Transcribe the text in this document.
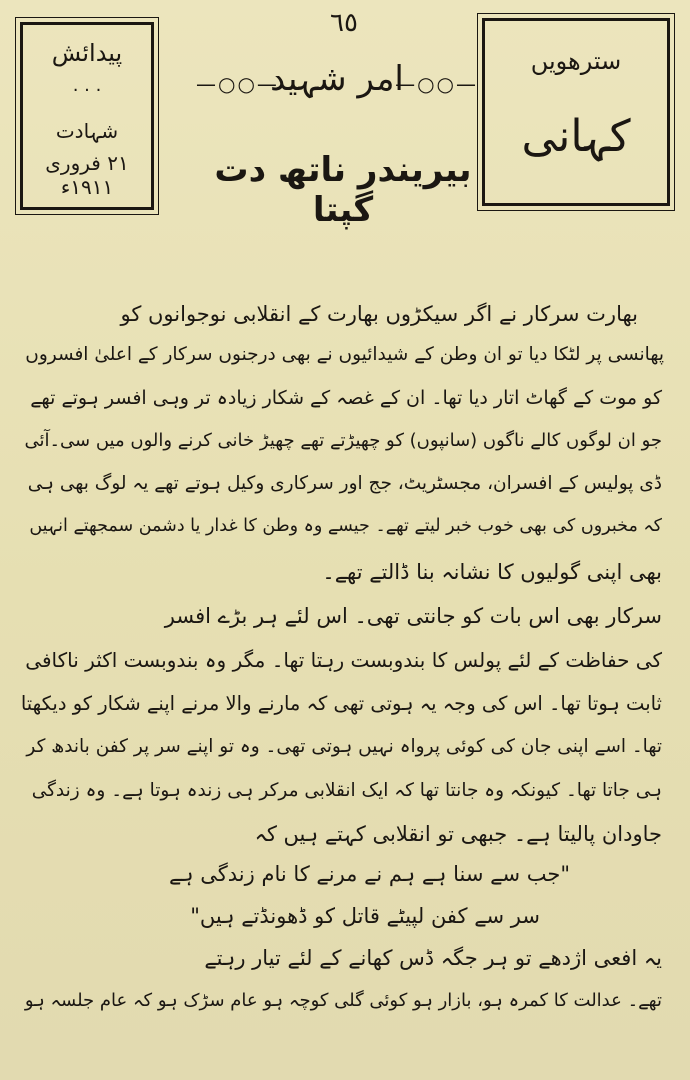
٦٥
پیدائش
. . .
شہادت
۲۱ فروری ۱۹۱۱ء
سترھویں
کہانی
—○○—
امر شہید
—○○—
بیریندر ناتھ دت گپتا
بھارت سرکار نے اگر سیکڑوں بھارت کے انقلابی نوجوانوں کو
پھانسی پر لٹکا دیا تو ان وطن کے شیدائیوں نے بھی درجنوں سرکار کے اعلیٰ افسروں
کو موت کے گھاٹ اتار دیا تھا۔ ان کے غصہ کے شکار زیادہ تر وہی افسر ہوتے تھے
جو ان لوگوں کالے ناگوں (سانپوں) کو چھیڑتے تھے چھیڑ خانی کرنے والوں میں سی۔آئی
ڈی پولیس کے افسران، مجسٹریٹ، جج اور سرکاری وکیل ہوتے تھے یہ لوگ بھی ہی
کہ مخبروں کی بھی خوب خبر لیتے تھے۔ جیسے وہ وطن کا غدار یا دشمن سمجھتے انہیں
بھی اپنی گولیوں کا نشانہ بنا ڈالتے تھے۔
سرکار بھی اس بات کو جانتی تھی۔ اس لئے ہر بڑے افسر
کی حفاظت کے لئے پولس کا بندوبست رہتا تھا۔ مگر وہ بندوبست اکثر ناکافی
ثابت ہوتا تھا۔ اس کی وجہ یہ ہوتی تھی کہ مارنے والا مرنے اپنے شکار کو دیکھتا
تھا۔ اسے اپنی جان کی کوئی پرواہ نہیں ہوتی تھی۔ وہ تو اپنے سر پر کفن باندھ کر
ہی جاتا تھا۔ کیونکہ وہ جانتا تھا کہ ایک انقلابی مرکر ہی زندہ ہوتا ہے۔ وہ زندگی
جاودان پالیتا ہے۔ جبھی تو انقلابی کہتے ہیں کہ
"جب سے سنا ہے ہم نے مرنے کا نام زندگی ہے
سر سے کفن لپیٹے قاتل کو ڈھونڈتے ہیں"
یہ افعی اژدھے تو ہر جگہ ڈس کھانے کے لئے تیار رہتے
تھے۔ عدالت کا کمرہ ہو، بازار ہو کوئی گلی کوچہ ہو عام سڑک ہو کہ عام جلسہ ہو
